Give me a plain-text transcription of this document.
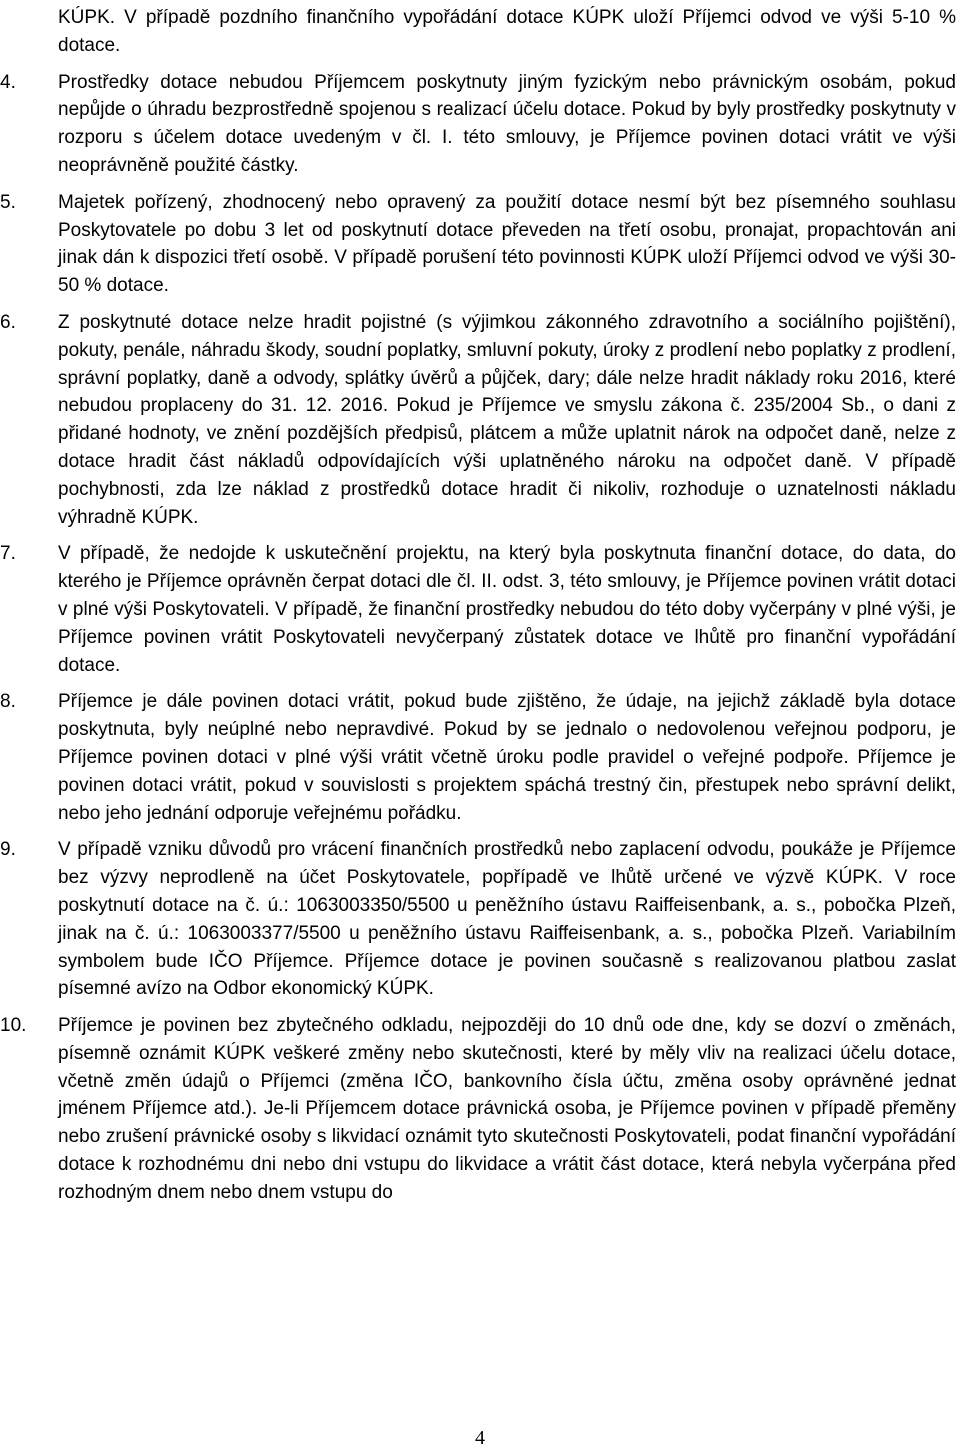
KÚPK. V případě pozdního finančního vypořádání dotace KÚPK uloží Příjemci odvod ve výši 5-10 % dotace.

4.	Prostředky dotace nebudou Příjemcem poskytnuty jiným fyzickým nebo právnickým osobám, pokud nepůjde o úhradu bezprostředně spojenou s realizací účelu dotace. Pokud by byly prostředky poskytnuty v rozporu s účelem dotace uvedeným v čl. I. této smlouvy, je Příjemce povinen dotaci vrátit ve výši neoprávněně použité částky.

5.	Majetek pořízený, zhodnocený nebo opravený za použití dotace nesmí být bez písemného souhlasu Poskytovatele po dobu 3 let od poskytnutí dotace převeden na třetí osobu, pronajat, propachtován ani jinak dán k dispozici třetí osobě. V případě porušení této povinnosti KÚPK uloží Příjemci odvod ve výši 30-50 % dotace.

6.	Z poskytnuté dotace nelze hradit pojistné (s výjimkou zákonného zdravotního a sociálního pojištění), pokuty, penále, náhradu škody, soudní poplatky, smluvní pokuty, úroky z prodlení nebo poplatky z prodlení, správní poplatky, daně a odvody, splátky úvěrů a půjček, dary; dále nelze hradit náklady roku 2016, které nebudou proplaceny do 31. 12. 2016. Pokud je Příjemce ve smyslu zákona č. 235/2004 Sb., o dani z přidané hodnoty, ve znění pozdějších předpisů, plátcem a může uplatnit nárok na odpočet daně, nelze z dotace hradit část nákladů odpovídajících výši uplatněného nároku na odpočet daně. V případě pochybnosti, zda lze náklad z prostředků dotace hradit či nikoliv, rozhoduje o uznatelnosti nákladu výhradně KÚPK.

7.	V případě, že nedojde k uskutečnění projektu, na který byla poskytnuta finanční dotace, do data, do kterého je Příjemce oprávněn čerpat dotaci dle čl. II. odst. 3, této smlouvy, je Příjemce povinen vrátit dotaci v plné výši Poskytovateli. V případě, že finanční prostředky nebudou do této doby vyčerpány v plné výši, je Příjemce povinen vrátit Poskytovateli nevyčerpaný zůstatek dotace ve lhůtě pro finanční vypořádání dotace.

8.	Příjemce je dále povinen dotaci vrátit, pokud bude zjištěno, že údaje, na jejichž základě byla dotace poskytnuta, byly neúplné nebo nepravdivé. Pokud by se jednalo o nedovolenou veřejnou podporu, je Příjemce povinen dotaci v plné výši vrátit včetně úroku podle pravidel o veřejné podpoře. Příjemce je povinen dotaci vrátit, pokud v souvislosti s projektem spáchá trestný čin, přestupek nebo správní delikt, nebo jeho jednání odporuje veřejnému pořádku.

9.	V případě vzniku důvodů pro vrácení finančních prostředků nebo zaplacení odvodu, poukáže je Příjemce bez výzvy neprodleně na účet Poskytovatele, popřípadě ve lhůtě určené ve výzvě KÚPK. V roce poskytnutí dotace na č. ú.: 1063003350/5500 u peněžního ústavu Raiffeisenbank, a. s., pobočka Plzeň, jinak na č. ú.: 1063003377/5500 u peněžního ústavu Raiffeisenbank, a. s., pobočka Plzeň. Variabilním symbolem bude IČO Příjemce. Příjemce dotace je povinen současně s realizovanou platbou zaslat písemné avízo na Odbor ekonomický KÚPK.

10.	Příjemce je povinen bez zbytečného odkladu, nejpozději do 10 dnů ode dne, kdy se dozví o změnách, písemně oznámit KÚPK veškeré změny nebo skutečnosti, které by měly vliv na realizaci účelu dotace, včetně změn údajů o Příjemci (změna IČO, bankovního čísla účtu, změna osoby oprávněné jednat jménem Příjemce atd.). Je-li Příjemcem dotace právnická osoba, je Příjemce povinen v případě přeměny nebo zrušení právnické osoby s likvidací oznámit tyto skutečnosti Poskytovateli, podat finanční vypořádání dotace k rozhodnému dni nebo dni vstupu do likvidace a vrátit část dotace, která nebyla vyčerpána před rozhodným dnem nebo dnem vstupu do

4
